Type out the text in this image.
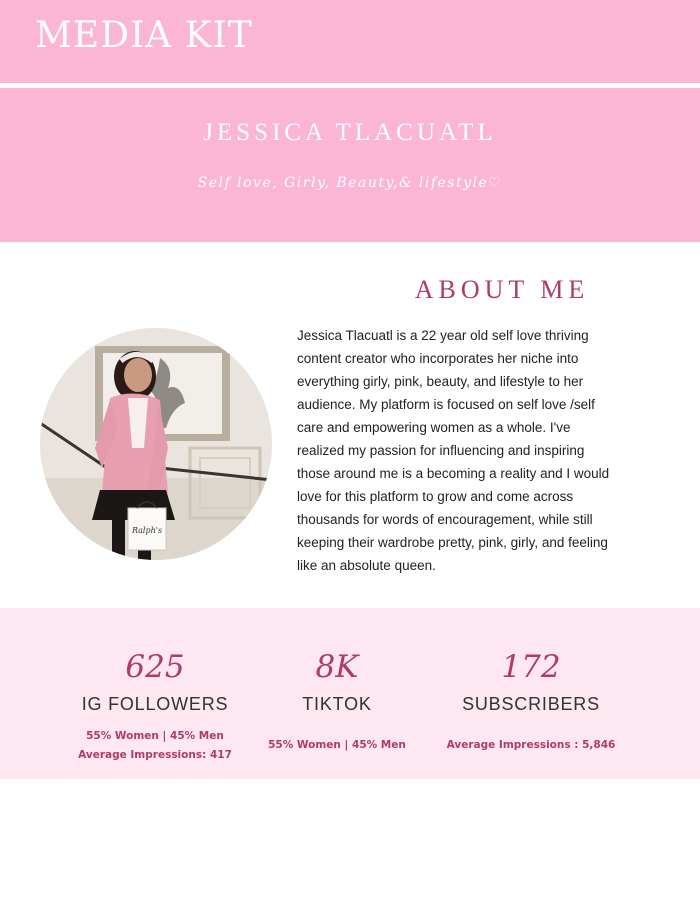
MEDIA KIT
JESSICA TLACUATL

Self love, Girly, Beauty,& lifestyle♡

Ralph's
ABOUT ME

Jessica Tlacuatl is a 22 year old self love thriving content creator who incorporates her niche into everything girly, pink, beauty, and lifestyle to her audience. My platform is focused on self love /self care and empowering women as a whole. I've realized my passion for influencing and inspiring those around me is a becoming a reality and I would love for this platform to grow and come across thousands for words of encouragement, while still keeping their wardrobe pretty, pink, girly, and feeling like an absolute queen.

625
IG FOLLOWERS
55% Women | 45% Men
Average Impressions: 417
8K
TIKTOK
55% Women | 45% Men
172
SUBSCRIBERS
Average Impressions : 5,846
